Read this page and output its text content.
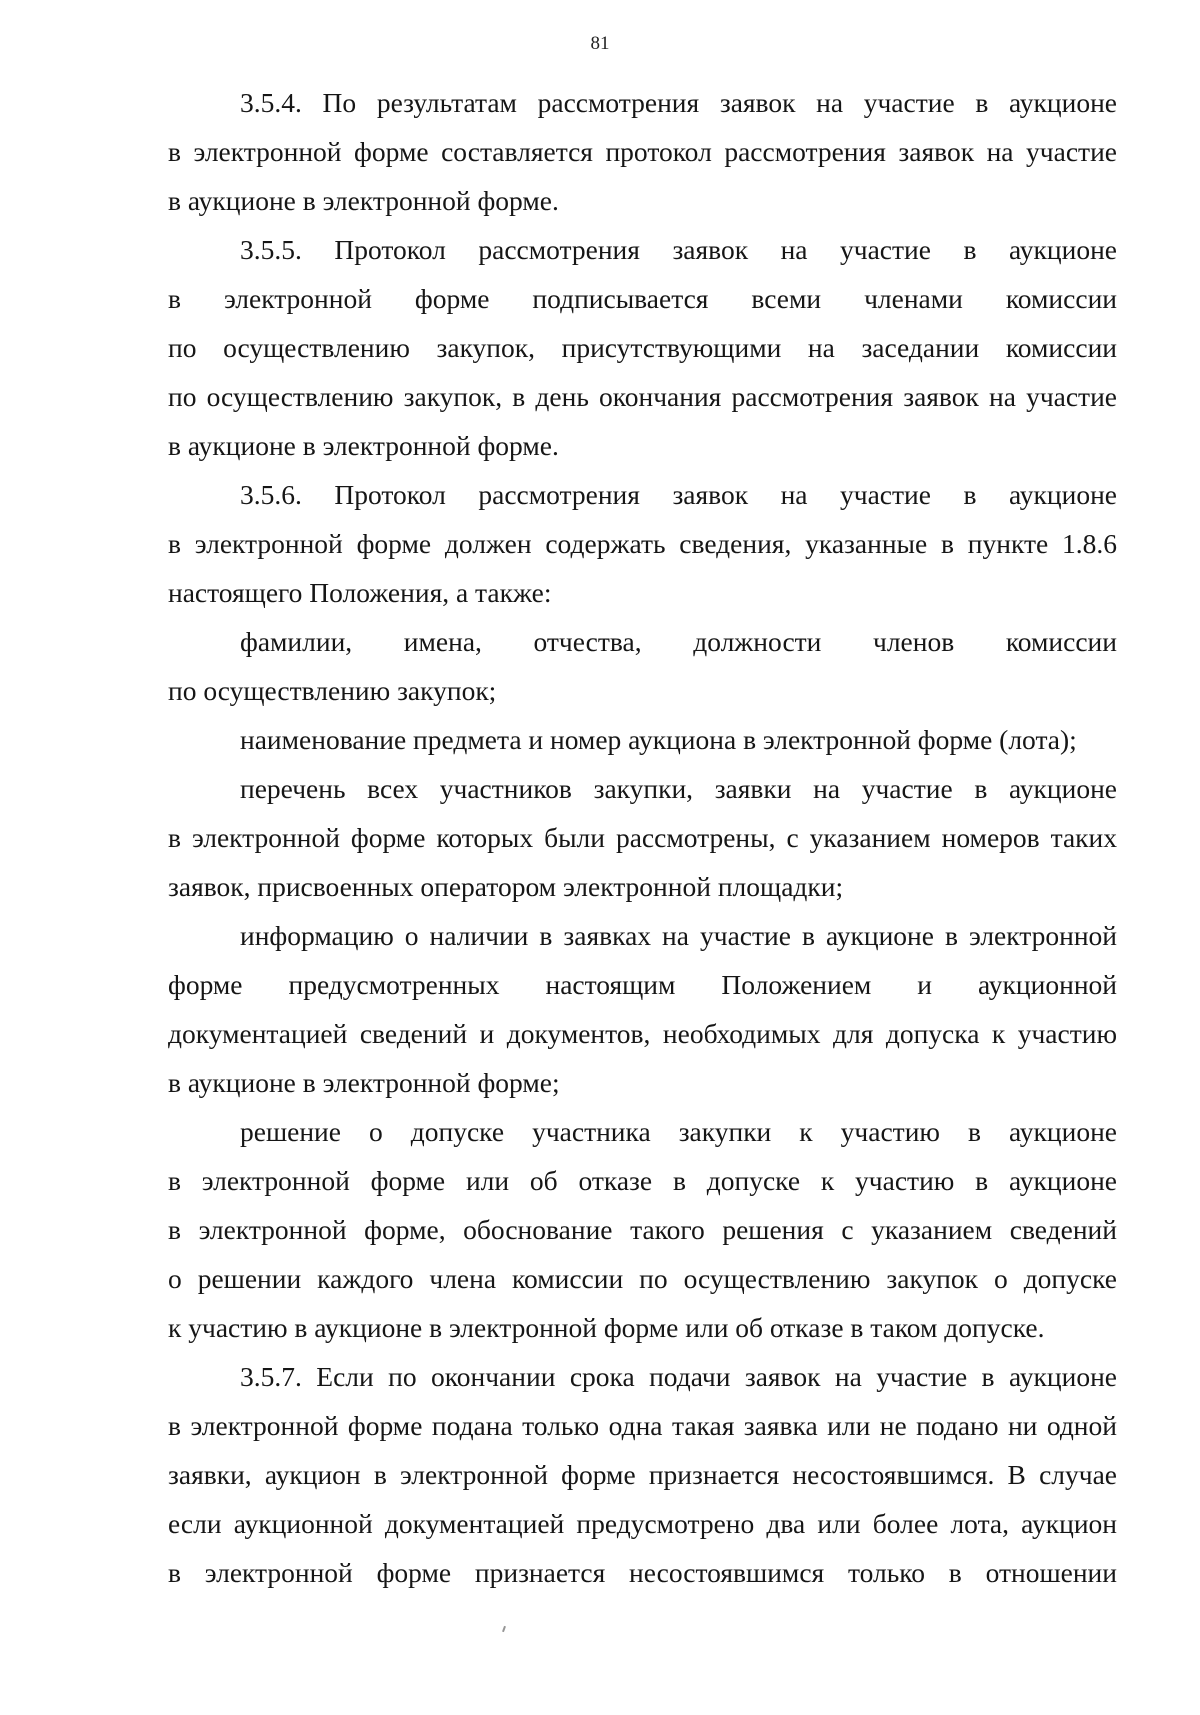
81
3.5.4. По результатам рассмотрения заявок на участие в аукционе
в электронной форме составляется протокол рассмотрения заявок на участие
в аукционе в электронной форме.
3.5.5. Протокол рассмотрения заявок на участие в аукционе
в электронной форме подписывается всеми членами комиссии
по осуществлению закупок, присутствующими на заседании комиссии
по осуществлению закупок, в день окончания рассмотрения заявок на участие
в аукционе в электронной форме.
3.5.6. Протокол рассмотрения заявок на участие в аукционе
в электронной форме должен содержать сведения, указанные в пункте 1.8.6
настоящего Положения, а также:
фамилии, имена, отчества, должности членов комиссии
по осуществлению закупок;
наименование предмета и номер аукциона в электронной форме (лота);
перечень всех участников закупки, заявки на участие в аукционе
в электронной форме которых были рассмотрены, с указанием номеров таких
заявок, присвоенных оператором электронной площадки;
информацию о наличии в заявках на участие в аукционе в электронной
форме предусмотренных настоящим Положением и аукционной
документацией сведений и документов, необходимых для допуска к участию
в аукционе в электронной форме;
решение о допуске участника закупки к участию в аукционе
в электронной форме или об отказе в допуске к участию в аукционе
в электронной форме, обоснование такого решения с указанием сведений
о решении каждого члена комиссии по осуществлению закупок о допуске
к участию в аукционе в электронной форме или об отказе в таком допуске.
3.5.7. Если по окончании срока подачи заявок на участие в аукционе
в электронной форме подана только одна такая заявка или не подано ни одной
заявки, аукцион в электронной форме признается несостоявшимся. В случае
если аукционной документацией предусмотрено два или более лота, аукцион
в электронной форме признается несостоявшимся только в отношении
